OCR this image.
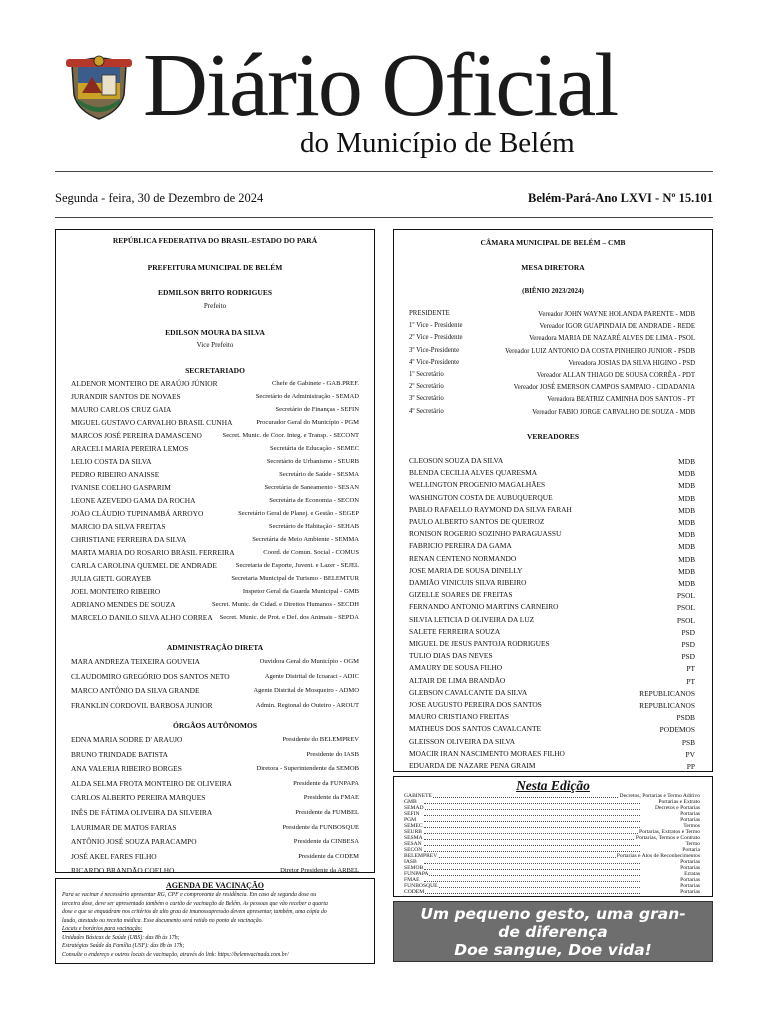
Diário Oficial
do Município de Belém
Segunda - feira, 30 de Dezembro de 2024	Belém-Pará-Ano LXVI - Nº 15.101
REPÚBLICA FEDERATIVA DO BRASIL-ESTADO DO PARÁ
PREFEITURA MUNICIPAL DE BELÉM
EDMILSON BRITO RODRIGUES
Prefeito
EDILSON MOURA DA SILVA
Vice Prefeito
SECRETARIADO
ALDENOR MONTEIRO DE ARAÚJO JÚNIOR	Chefe de Gabinete - GAB.PREF.
JURANDIR SANTOS DE NOVAES	Secretário de Administração - SEMAD
MAURO CARLOS CRUZ GAIA	Secretário de Finanças - SEFIN
MIGUEL GUSTAVO CARVALHO BRASIL CUNHA	Procurador Geral do Município - PGM
MARCOS JOSÉ PEREIRA DAMASCENO	Secret. Munic. de Coor. Integ. e Transp. - SECONT
ARACELI MARIA PEREIRA LEMOS	Secretária de Educação - SEMEC
LELIO COSTA DA SILVA	Secretário de Urbanismo - SEURB
PEDRO RIBEIRO ANAISSE	Secretário de Saúde - SESMA
IVANISE COELHO GASPARIM	Secretária de Saneamento - SESAN
LEONE AZEVEDO GAMA DA ROCHA	Secretária de Economia - SECON
JOÃO CLÁUDIO TUPINAMBÁ ARROYO	Secretário Geral de Planej. e Gestão - SEGEP
MARCIO DA SILVA FREITAS	Secretário de Habitação - SEHAB
CHRISTIANE FERREIRA DA SILVA	Secretária de Meio Ambiente - SEMMA
MARTA MARIA DO ROSARIO BRASIL FERREIRA	Coord. de Comun. Social - COMUS
CARLA CAROLINA QUEMEL DE ANDRADE	Secretaria de Esporte, Juvent. e Lazer - SEJEL
JULIA GIETL GORAYEB	Secretaria Municipal de Turismo - BELEMTUR
JOEL MONTEIRO RIBEIRO	Inspetor Geral da Guarda Municipal - GMB
ADRIANO MENDES DE SOUZA	Secret. Munic. de Cidad. e Direitos Humanos - SECDH
MARCELO DANILO SILVA ALHO CORREA Secret. Munic. de Prot. e Def. dos Animais - SEPDA
ADMINISTRAÇÃO DIRETA
MARA ANDREZA TEIXEIRA GOUVEIA	Ouvidora Geral do Município - OGM
CLAUDOMIRO GREGÓRIO DOS SANTOS NETO	Agente Distrital de Icoaraci - ADIC
MARCO ANTÔNIO DA SILVA GRANDE	Agente Distrital de Mosqueiro - ADMO
FRANKLIN CORDOVIL BARBOSA JUNIOR	Admin. Regional do Outeiro - AROUT
ÓRGÃOS AUTÔNOMOS
EDNA MARIA SODRE D' ARAUJO	Presidente do BELEMPREV
BRUNO TRINDADE BATISTA	Presidente do IASB
ANA VALERIA RIBEIRO BORGES	Diretora - Superintendente da SEMOB
ALDA SELMA FROTA MONTEIRO DE OLIVEIRA	Presidente da FUNPAPA
CARLOS ALBERTO PEREIRA MARQUES	Presidente da FMAE
INÊS DE FÁTIMA OLIVEIRA DA SILVEIRA	Presidente da FUMBEL
LAURIMAR DE MATOS FARIAS	Presidente da FUNBOSQUE
ANTÔNIO JOSÉ SOUZA PARACAMPO	Presidente da CINBESA
JOSÉ AKEL FARES FILHO	Presidente da CODEM
RICARDO BRANDÃO COELHO	Diretor Presidente da ARBEL
CÂMARA MUNICIPAL DE BELÉM – CMB
MESA DIRETORA
(BIÊNIO 2023/2024)
PRESIDENTE	Vereador JOHN WAYNE HOLANDA PARENTE - MDB
1º Vice - Presidente	Vereador IGOR GUAPINDAIA DE ANDRADE - REDE
2º Vice - Presidente	Vereadora MARIA DE NAZARÉ ALVES DE LIMA - PSOL
3º Vice-Presidente	Vereador LUIZ ANTONIO DA COSTA PINHEIRO JUNIOR - PSDB
4º Vice-Presidente	Vereadora JOSIAS DA SILVA HIGINO - PSD
1º Secretário	Vereador ALLAN THIAGO DE SOUSA CORRÊA - PDT
2º Secretário	Vereador JOSÉ EMERSON CAMPOS SAMPAIO - CIDADANIA
3º Secretário	Vereadora BEATRIZ CAMINHA DOS SANTOS - PT
4º Secretário	Vereador FABIO JORGE CARVALHO DE SOUZA - MDB
VEREADORES
CLEOSON SOUZA DA SILVA	MDB
BLENDA CECILIA ALVES QUARESMA	MDB
WELLINGTON PROGENIO MAGALHÃES	MDB
WASHINGTON COSTA DE AUBUQUERQUE	MDB
PABLO RAFAELLO RAYMOND DA SILVA FARAH	MDB
PAULO ALBERTO SANTOS DE QUEIROZ	MDB
RONISON ROGERIO SOZINHO PARAGUASSU	MDB
FABRICIO PEREIRA DA GAMA	MDB
RENAN CENTENO NORMANDO	MDB
JOSE MARIA DE SOUSA DINELLY	MDB
DAMIÃO VINICUIS SILVA RIBEIRO	MDB
GIZELLE SOARES DE FREITAS	PSOL
FERNANDO ANTONIO MARTINS CARNEIRO	PSOL
SILVIA LETICIA D OLIVEIRA DA LUZ	PSOL
SALETE FERREIRA SOUZA	PSD
MIGUEL DE JESUS PANTOJA RODRIGUES	PSD
TULIO DIAS DAS NEVES	PSD
AMAURY DE SOUSA FILHO	PT
ALTAIR DE LIMA BRANDÃO	PT
GLEBSON CAVALCANTE DA SILVA	REPUBLICANOS
JOSE AUGUSTO PEREIRA DOS SANTOS	REPUBLICANOS
MAURO CRISTIANO FREITAS	PSDB
MATHEUS DOS SANTOS CAVALCANTE	PODEMOS
GLEISSON OLIVEIRA DA SILVA	PSB
MOACIR IRAN NASCIMENTO MORAES FILHO	PV
EDUARDA DE NAZARE PENA GRAIM	PP
Nesta Edição
GABINETE	Decretos, Portarias e Termo Aditivo
GMB	Portarias e Extrato
SEMAD	Decretos e Portarias
SEFIN	Portarias
PGM	Portarias
SEMEC	Termos
SEURB	Portarias, Extratos e Termo
SESMA	Portarias, Termos e Contrato
SESAN	Termo
SECON	Portaria
BELEMPREV	Portarias e Atos de Reconhecimentos
IASB	Portarias
SEMOB	Portarias
FUNPAPA	Erratas
FMAE	Portarias
FUNBOSQUE	Portarias
CODEM	Portarias
Um pequeno gesto, uma gran-
de diferença
Doe sangue, Doe vida!
AGENDA DE VACINAÇÃO
Para se vacinar é necessário apresentar RG, CPF e comprovante de residência. Em caso de segunda dose ou
terceira dose, deve ser apresentado também o cartão de vacinação de Belém. As pessoas que vão receber a quarta
dose e que se enquadram nos critérios de alto grau de imunossupressão devem apresentar, também, uma cópia do
laudo, atestado ou receita médica. Esse documento será retido no ponto de vacinação.
Locais e horários para vacinação:
Unidades Básicas de Saúde (UBS): das 8h às 17h;
Estratégias Saúde da Família (USF): das 8h às 17h;
Consulte o endereço e outros locais de vacinação, através do link: https://belemvacinada.com.br/
